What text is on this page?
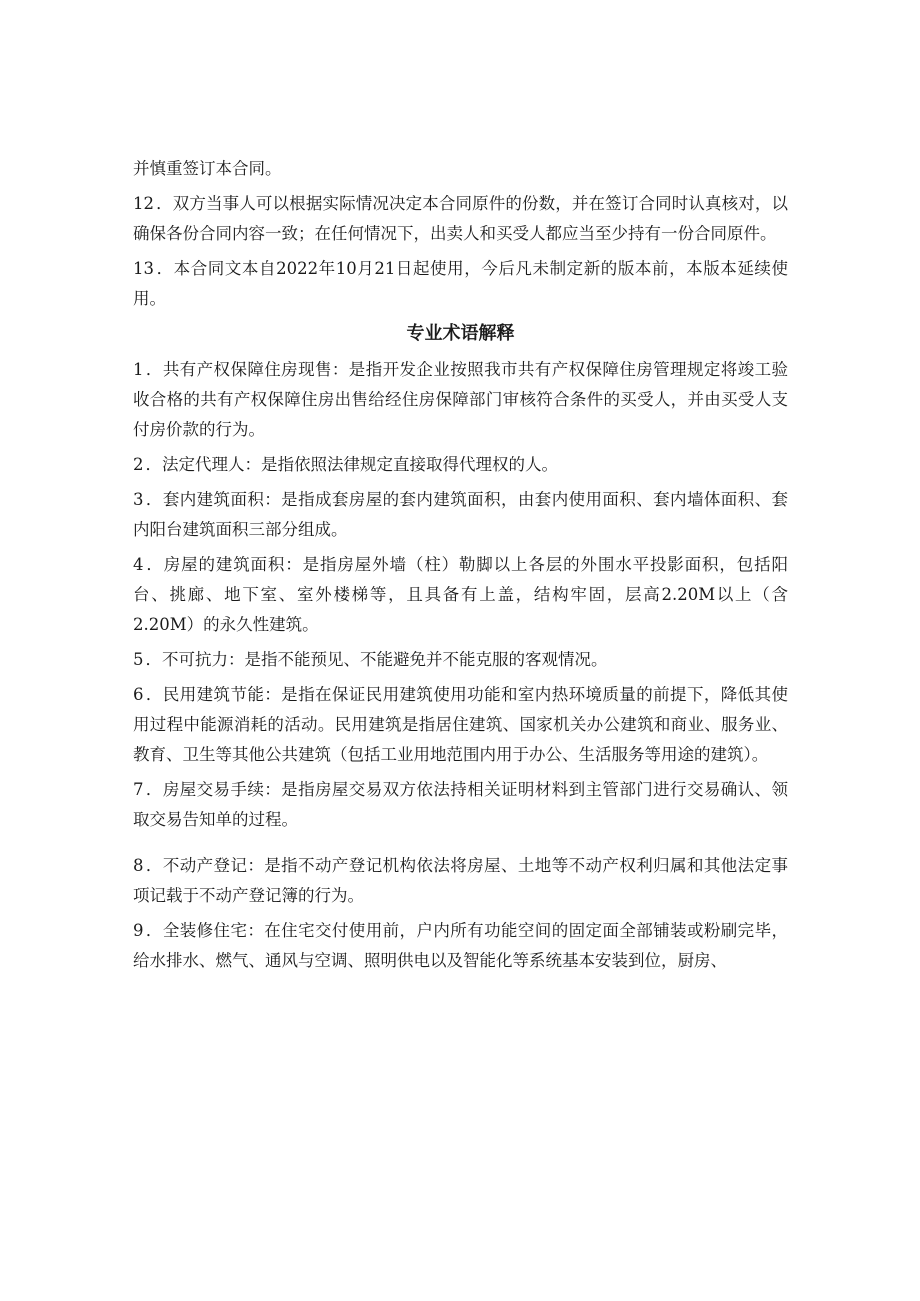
并慎重签订本合同。

12 ．双方当事人可以根据实际情况决定本合同原件的份数，并在签订合同时认真核对，以确保各份合同内容一致；在任何情况下，出卖人和买受人都应当至少持有一份合同原件。

13 ．本合同文本自2022年10月21日起使用，今后凡未制定新的版本前，本版本延续使用。

专业术语解释

1 ．共有产权保障住房现售：是指开发企业按照我市共有产权保障住房管理规定将竣工验收合格的共有产权保障住房出售给经住房保障部门审核符合条件的买受人，并由买受人支付房价款的行为。

2 ．法定代理人：是指依照法律规定直接取得代理权的人。

3 ．套内建筑面积：是指成套房屋的套内建筑面积，由套内使用面积、套内墙体面积、套内阳台建筑面积三部分组成。

4 ．房屋的建筑面积：是指房屋外墙（柱）勒脚以上各层的外围水平投影面积，包括阳台、挑廊、地下室、室外楼梯等，且具备有上盖，结构牢固，层高2.20M以上（含2.20M）的永久性建筑。

5 ．不可抗力：是指不能预见、不能避免并不能克服的客观情况。

6 ．民用建筑节能：是指在保证民用建筑使用功能和室内热环境质量的前提下，降低其使用过程中能源消耗的活动。民用建筑是指居住建筑、国家机关办公建筑和商业、服务业、教育、卫生等其他公共建筑（包括工业用地范围内用于办公、生活服务等用途的建筑）。

7 ．房屋交易手续：是指房屋交易双方依法持相关证明材料到主管部门进行交易确认、领取交易告知单的过程。

8 ．不动产登记：是指不动产登记机构依法将房屋、土地等不动产权利归属和其他法定事项记载于不动产登记簿的行为。

9 ．全装修住宅：在住宅交付使用前，户内所有功能空间的固定面全部铺装或粉刷完毕，给水排水、燃气、通风与空调、照明供电以及智能化等系统基本安装到位，厨房、
